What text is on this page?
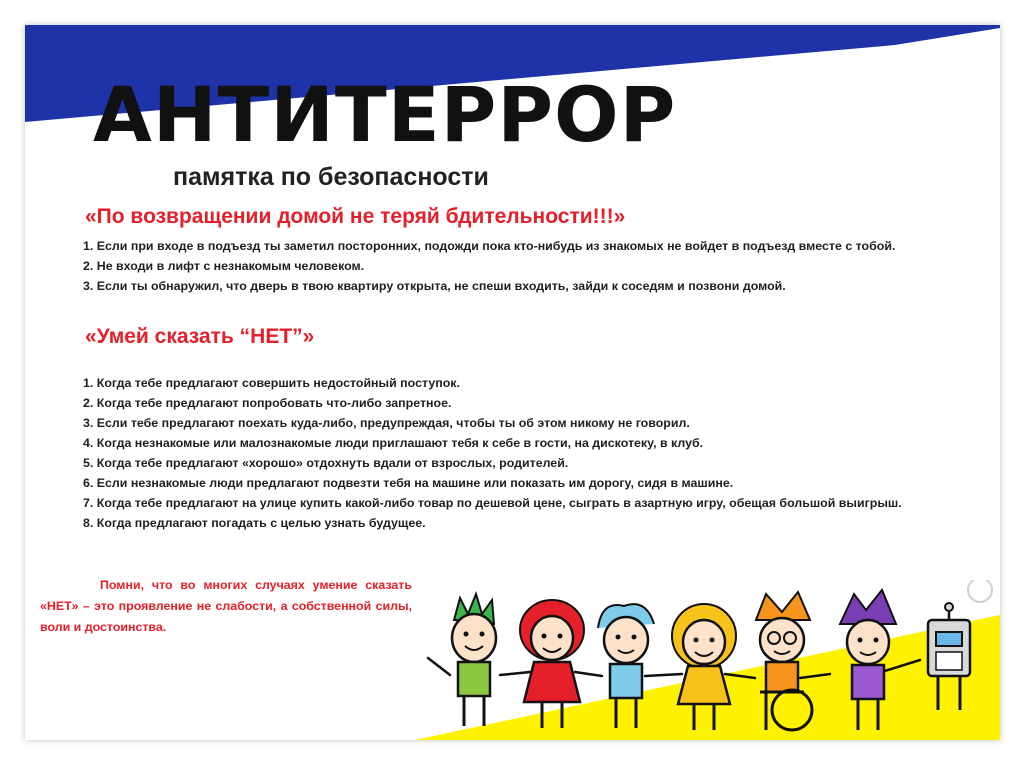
АНТИТЕРРОР
памятка по безопасности
«По возвращении домой не теряй бдительности!!!»

1. Если при входе в подъезд ты заметил посторонних, подожди пока кто-нибудь из знакомых не войдет в подъезд вместе с тобой.

2. Не входи в лифт с незнакомым человеком.

3. Если ты обнаружил, что дверь в твою квартиру открыта, не спеши входить, зайди к соседям и позвони домой.

«Умей сказать “НЕТ”»

1. Когда тебе предлагают совершить недостойный поступок.

2. Когда тебе предлагают попробовать что-либо запретное.

3. Если тебе предлагают поехать куда-либо, предупреждая, чтобы ты об этом никому не говорил.

4. Когда незнакомые или малознакомые люди приглашают тебя к себе в гости, на дискотеку, в клуб.

5. Когда тебе предлагают «хорошо» отдохнуть вдали от взрослых, родителей.

6. Если незнакомые люди предлагают подвезти тебя на машине или показать им дорогу, сидя в машине.

7. Когда тебе предлагают на улице купить какой-либо товар по дешевой цене, сыграть в азартную игру, обещая большой выигрыш.

8. Когда предлагают погадать с целью узнать будущее.

Помни, что во многих случаях умение сказать «НЕТ» – это проявление не слабости, а собственной силы, воли и достоинства.
